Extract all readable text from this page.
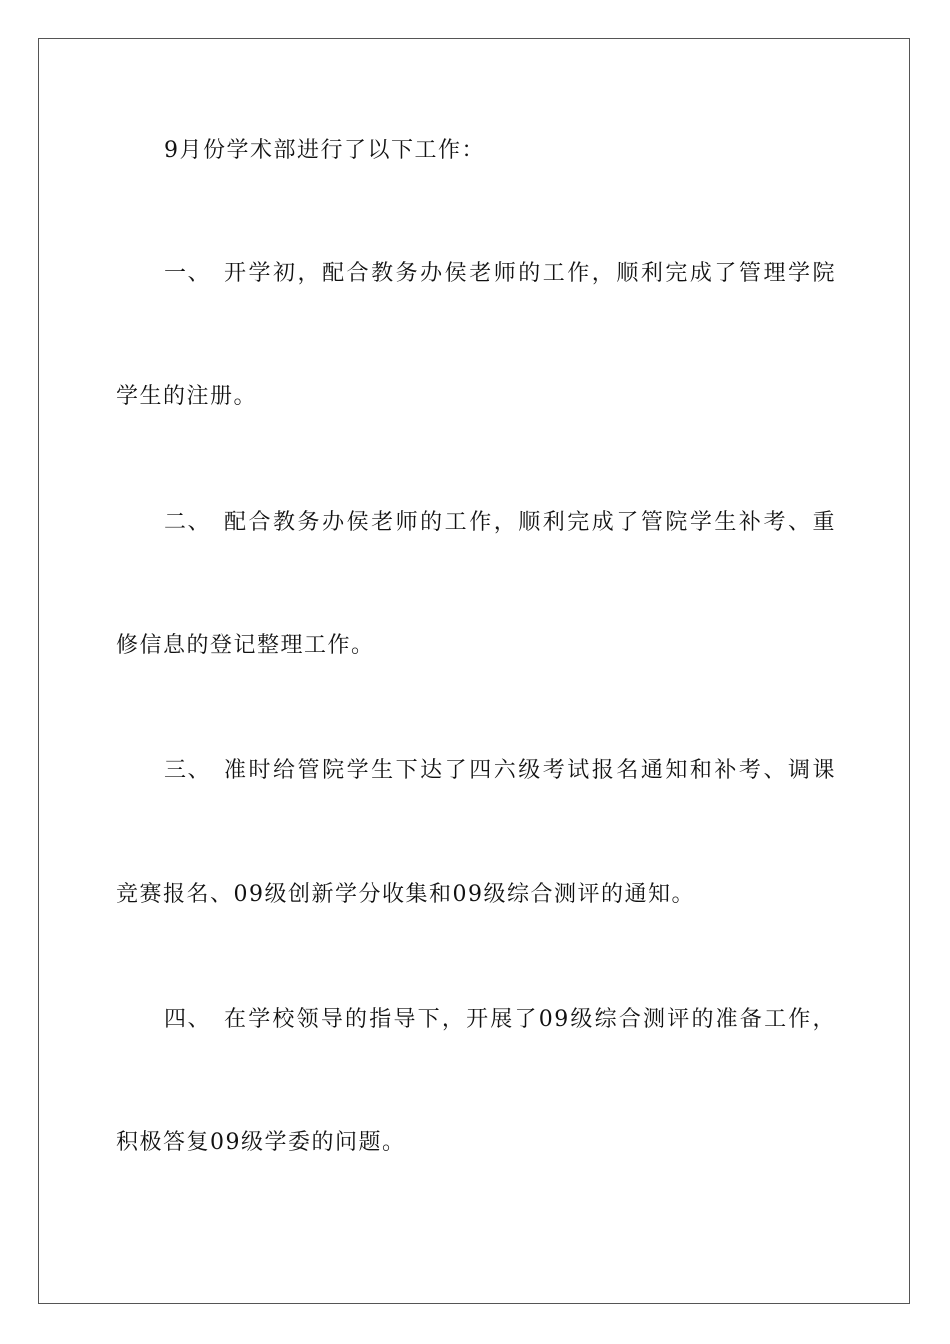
9月份学术部进行了以下工作：
一、 开学初，配合教务办侯老师的工作，顺利完成了管理学院
学生的注册。
二、 配合教务办侯老师的工作，顺利完成了管院学生补考、重
修信息的登记整理工作。
三、 准时给管院学生下达了四六级考试报名通知和补考、调课
竞赛报名、09级创新学分收集和09级综合测评的通知。
四、 在学校领导的指导下，开展了09级综合测评的准备工作，
积极答复09级学委的问题。
